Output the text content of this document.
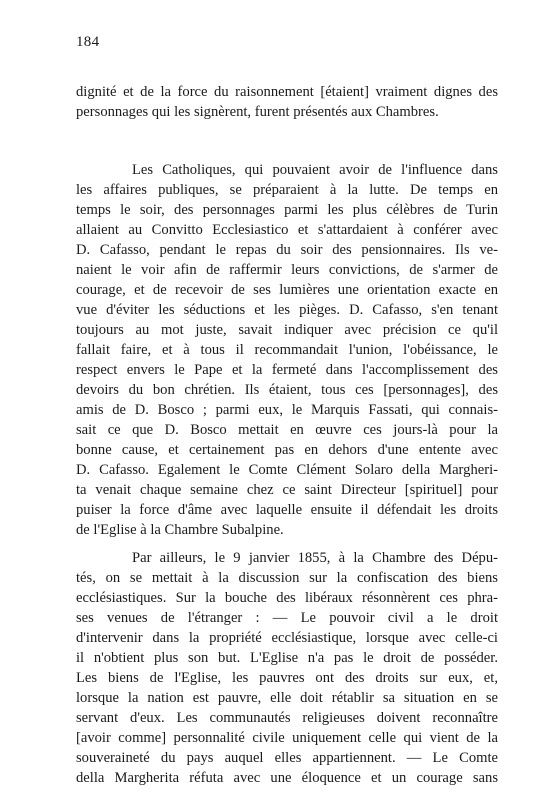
184
dignité et de la force du raisonnement [étaient] vraiment dignes des
personnages qui les signèrent, furent présentés aux Chambres.
Les Catholiques, qui pouvaient avoir de l'influence dans
les affaires publiques, se préparaient à la lutte. De temps en
temps le soir, des personnages parmi les plus célèbres de Turin
allaient au Convitto Ecclesiastico et s'attardaient à conférer avec
D. Cafasso, pendant le repas du soir des pensionnaires. Ils ve-
naient le voir afin de raffermir leurs convictions, de s'armer de
courage, et de recevoir de ses lumières une orientation exacte en
vue d'éviter les séductions et les pièges. D. Cafasso, s'en tenant
toujours au mot juste, savait indiquer avec précision ce qu'il
fallait faire, et à tous il recommandait l'union, l'obéissance, le
respect envers le Pape et la fermeté dans l'accomplissement des
devoirs du bon chrétien. Ils étaient, tous ces [personnages], des
amis de D. Bosco ; parmi eux, le Marquis Fassati, qui connais-
sait ce que D. Bosco mettait en œuvre ces jours-là pour la
bonne cause, et certainement pas en dehors d'une entente avec
D. Cafasso. Egalement le Comte Clément Solaro della Margheri-
ta venait chaque semaine chez ce saint Directeur [spirituel] pour
puiser la force d'âme avec laquelle ensuite il défendait les droits
de l'Eglise à la Chambre Subalpine.
Par ailleurs, le 9 janvier 1855, à la Chambre des Dépu-
tés, on se mettait à la discussion sur la confiscation des biens
ecclésiastiques. Sur la bouche des libéraux résonnèrent ces phra-
ses venues de l'étranger : — Le pouvoir civil a le droit
d'intervenir dans la propriété ecclésiastique, lorsque avec celle-ci
il n'obtient plus son but. L'Eglise n'a pas le droit de posséder.
Les biens de l'Eglise, les pauvres ont des droits sur eux, et,
lorsque la nation est pauvre, elle doit rétablir sa situation en se
servant d'eux. Les communautés religieuses doivent reconnaître
[avoir comme] personnalité civile uniquement celle qui vient de la
souveraineté du pays auquel elles appartiennent. — Le Comte
della Margherita réfuta avec une éloquence et un courage sans
